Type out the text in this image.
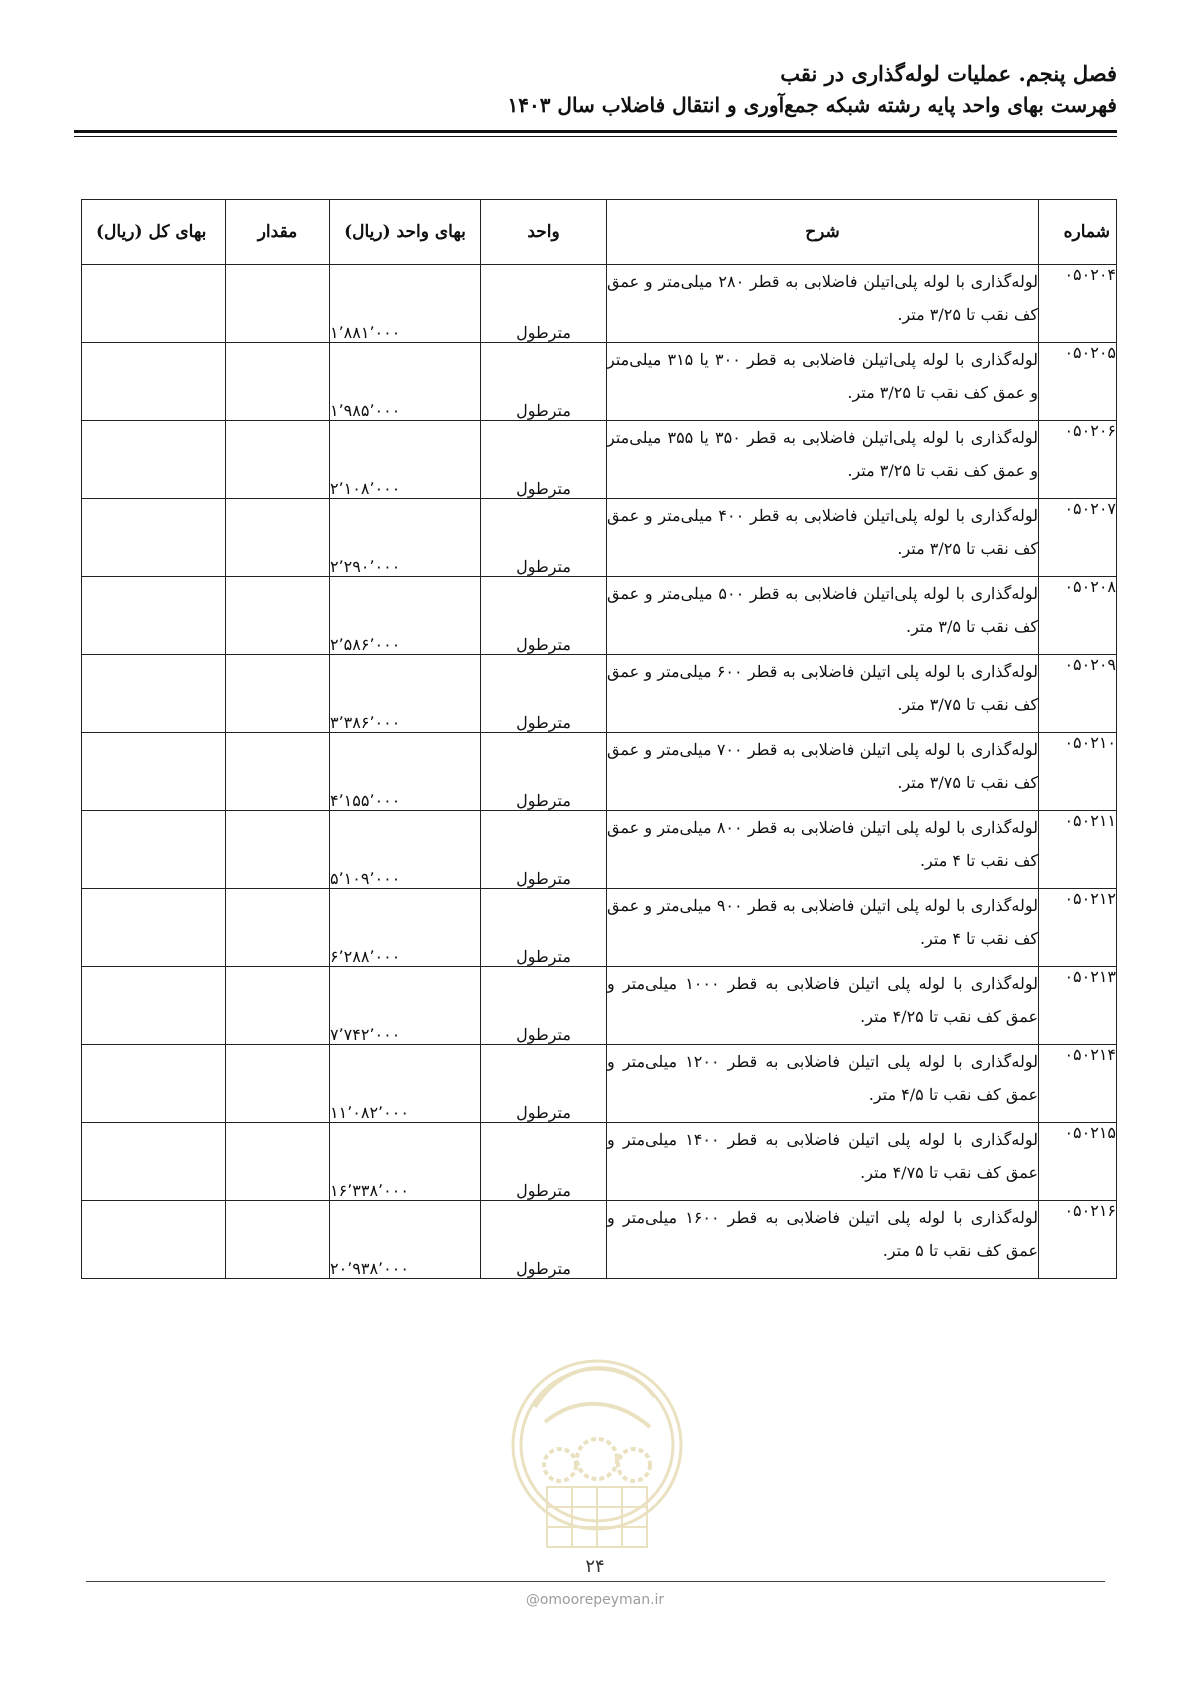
فصل پنجم. عملیات لوله‌گذاری در نقب
فهرست بهای واحد پایه رشته شبکه جمع‌آوری و انتقال فاضلاب سال ۱۴۰۳
شماره	شرح	واحد	بهای واحد (ریال)	مقدار	بهای کل (ریال)
۰۵۰۲۰۴	لوله‌گذاری با لوله پلی‌اتیلن فاضلابی به قطر ۲۸۰ میلی‌متر و عمق کف نقب تا ۳/۲۵ متر.	مترطول	۱٬۸۸۱٬۰۰۰		
۰۵۰۲۰۵	لوله‌گذاری با لوله پلی‌اتیلن فاضلابی به قطر ۳۰۰ یا ۳۱۵ میلی‌متر و عمق کف نقب تا ۳/۲۵ متر.	مترطول	۱٬۹۸۵٬۰۰۰		
۰۵۰۲۰۶	لوله‌گذاری با لوله پلی‌اتیلن فاضلابی به قطر ۳۵۰ یا ۳۵۵ میلی‌متر و عمق کف نقب تا ۳/۲۵ متر.	مترطول	۲٬۱۰۸٬۰۰۰		
۰۵۰۲۰۷	لوله‌گذاری با لوله پلی‌اتیلن فاضلابی به قطر ۴۰۰ میلی‌متر و عمق کف نقب تا ۳/۲۵ متر.	مترطول	۲٬۲۹۰٬۰۰۰		
۰۵۰۲۰۸	لوله‌گذاری با لوله پلی‌اتیلن فاضلابی به قطر ۵۰۰ میلی‌متر و عمق کف نقب تا ۳/۵ متر.	مترطول	۲٬۵۸۶٬۰۰۰		
۰۵۰۲۰۹	لوله‌گذاری با لوله پلی اتیلن فاضلابی به قطر ۶۰۰ میلی‌متر و عمق کف نقب تا ۳/۷۵ متر.	مترطول	۳٬۳۸۶٬۰۰۰		
۰۵۰۲۱۰	لوله‌گذاری با لوله پلی اتیلن فاضلابی به قطر ۷۰۰ میلی‌متر و عمق کف نقب تا ۳/۷۵ متر.	مترطول	۴٬۱۵۵٬۰۰۰		
۰۵۰۲۱۱	لوله‌گذاری با لوله پلی اتیلن فاضلابی به قطر ۸۰۰ میلی‌متر و عمق کف نقب تا ۴ متر.	مترطول	۵٬۱۰۹٬۰۰۰		
۰۵۰۲۱۲	لوله‌گذاری با لوله پلی اتیلن فاضلابی به قطر ۹۰۰ میلی‌متر و عمق کف نقب تا ۴ متر.	مترطول	۶٬۲۸۸٬۰۰۰		
۰۵۰۲۱۳	لوله‌گذاری با لوله پلی اتیلن فاضلابی به قطر ۱۰۰۰ میلی‌متر و عمق کف نقب تا ۴/۲۵ متر.	مترطول	۷٬۷۴۲٬۰۰۰		
۰۵۰۲۱۴	لوله‌گذاری با لوله پلی اتیلن فاضلابی به قطر ۱۲۰۰ میلی‌متر و عمق کف نقب تا ۴/۵ متر.	مترطول	۱۱٬۰۸۲٬۰۰۰		
۰۵۰۲۱۵	لوله‌گذاری با لوله پلی اتیلن فاضلابی به قطر ۱۴۰۰ میلی‌متر و عمق کف نقب تا ۴/۷۵ متر.	مترطول	۱۶٬۳۳۸٬۰۰۰		
۰۵۰۲۱۶	لوله‌گذاری با لوله پلی اتیلن فاضلابی به قطر ۱۶۰۰ میلی‌متر و عمق کف نقب تا ۵ متر.	مترطول	۲۰٬۹۳۸٬۰۰۰		
۲۴
@omoorepeyman.ir
